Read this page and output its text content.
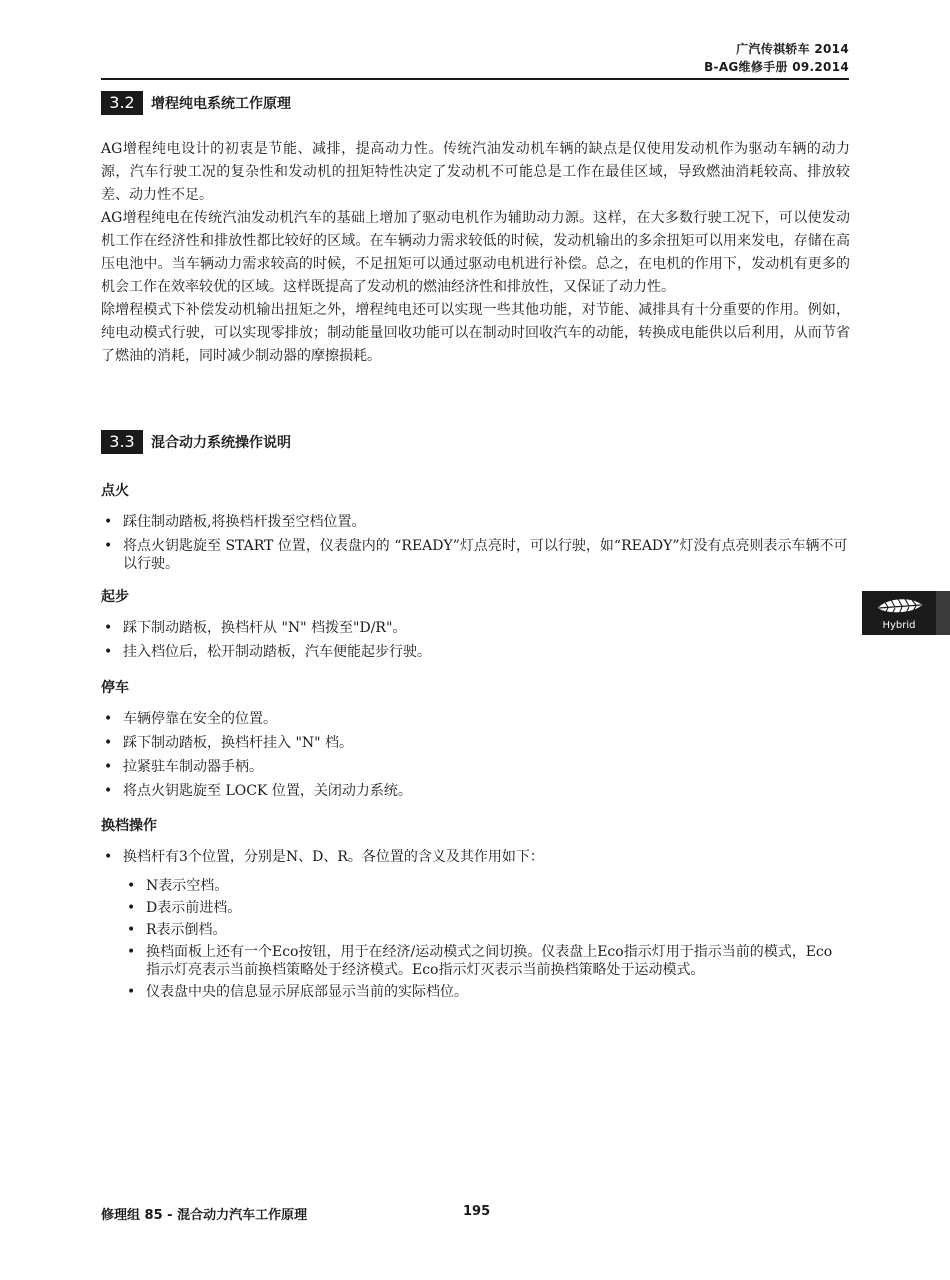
广汽传祺轿车 2014
B-AG维修手册 09.2014
3.2	增程纯电系统工作原理

AG增程纯电设计的初衷是节能、减排，提高动力性。传统汽油发动机车辆的缺点是仅使用发动机作为驱动车辆的动力源，汽车行驶工况的复杂性和发动机的扭矩特性决定了发动机不可能总是工作在最佳区域，导致燃油消耗较高、排放较差、动力性不足。

AG增程纯电在传统汽油发动机汽车的基础上增加了驱动电机作为辅助动力源。这样，在大多数行驶工况下，可以使发动机工作在经济性和排放性都比较好的区域。在车辆动力需求较低的时候，发动机输出的多余扭矩可以用来发电，存储在高压电池中。当车辆动力需求较高的时候，不足扭矩可以通过驱动电机进行补偿。总之，在电机的作用下，发动机有更多的机会工作在效率较优的区域。这样既提高了发动机的燃油经济性和排放性，又保证了动力性。

除增程模式下补偿发动机输出扭矩之外，增程纯电还可以实现一些其他功能，对节能、减排具有十分重要的作用。例如，纯电动模式行驶，可以实现零排放；制动能量回收功能可以在制动时回收汽车的动能，转换成电能供以后利用，从而节省了燃油的消耗，同时减少制动器的摩擦损耗。

3.3	混合动力系统操作说明
点火
• 踩住制动踏板,将换档杆拨至空档位置。
• 将点火钥匙旋至 START 位置，仪表盘内的 “READY”灯点亮时，可以行驶，如“READY”灯没有点亮则表示车辆不可以行驶。
起步
• 踩下制动踏板，换档杆从 "N" 档拨至"D/R"。
• 挂入档位后，松开制动踏板，汽车便能起步行驶。
停车
• 车辆停靠在安全的位置。
• 踩下制动踏板，换档杆挂入 "N" 档。
• 拉紧驻车制动器手柄。
• 将点火钥匙旋至 LOCK 位置，关闭动力系统。
换档操作
• 换档杆有3个位置，分别是N、D、R。各位置的含义及其作用如下：
• N表示空档。
• D表示前进档。
• R表示倒档。
• 换档面板上还有一个Eco按钮，用于在经济/运动模式之间切换。仪表盘上Eco指示灯用于指示当前的模式，Eco指示灯亮表示当前换档策略处于经济模式。Eco指示灯灭表示当前换档策略处于运动模式。
• 仪表盘中央的信息显示屏底部显示当前的实际档位。
Hybrid
修理组 85 - 混合动力汽车工作原理	195
